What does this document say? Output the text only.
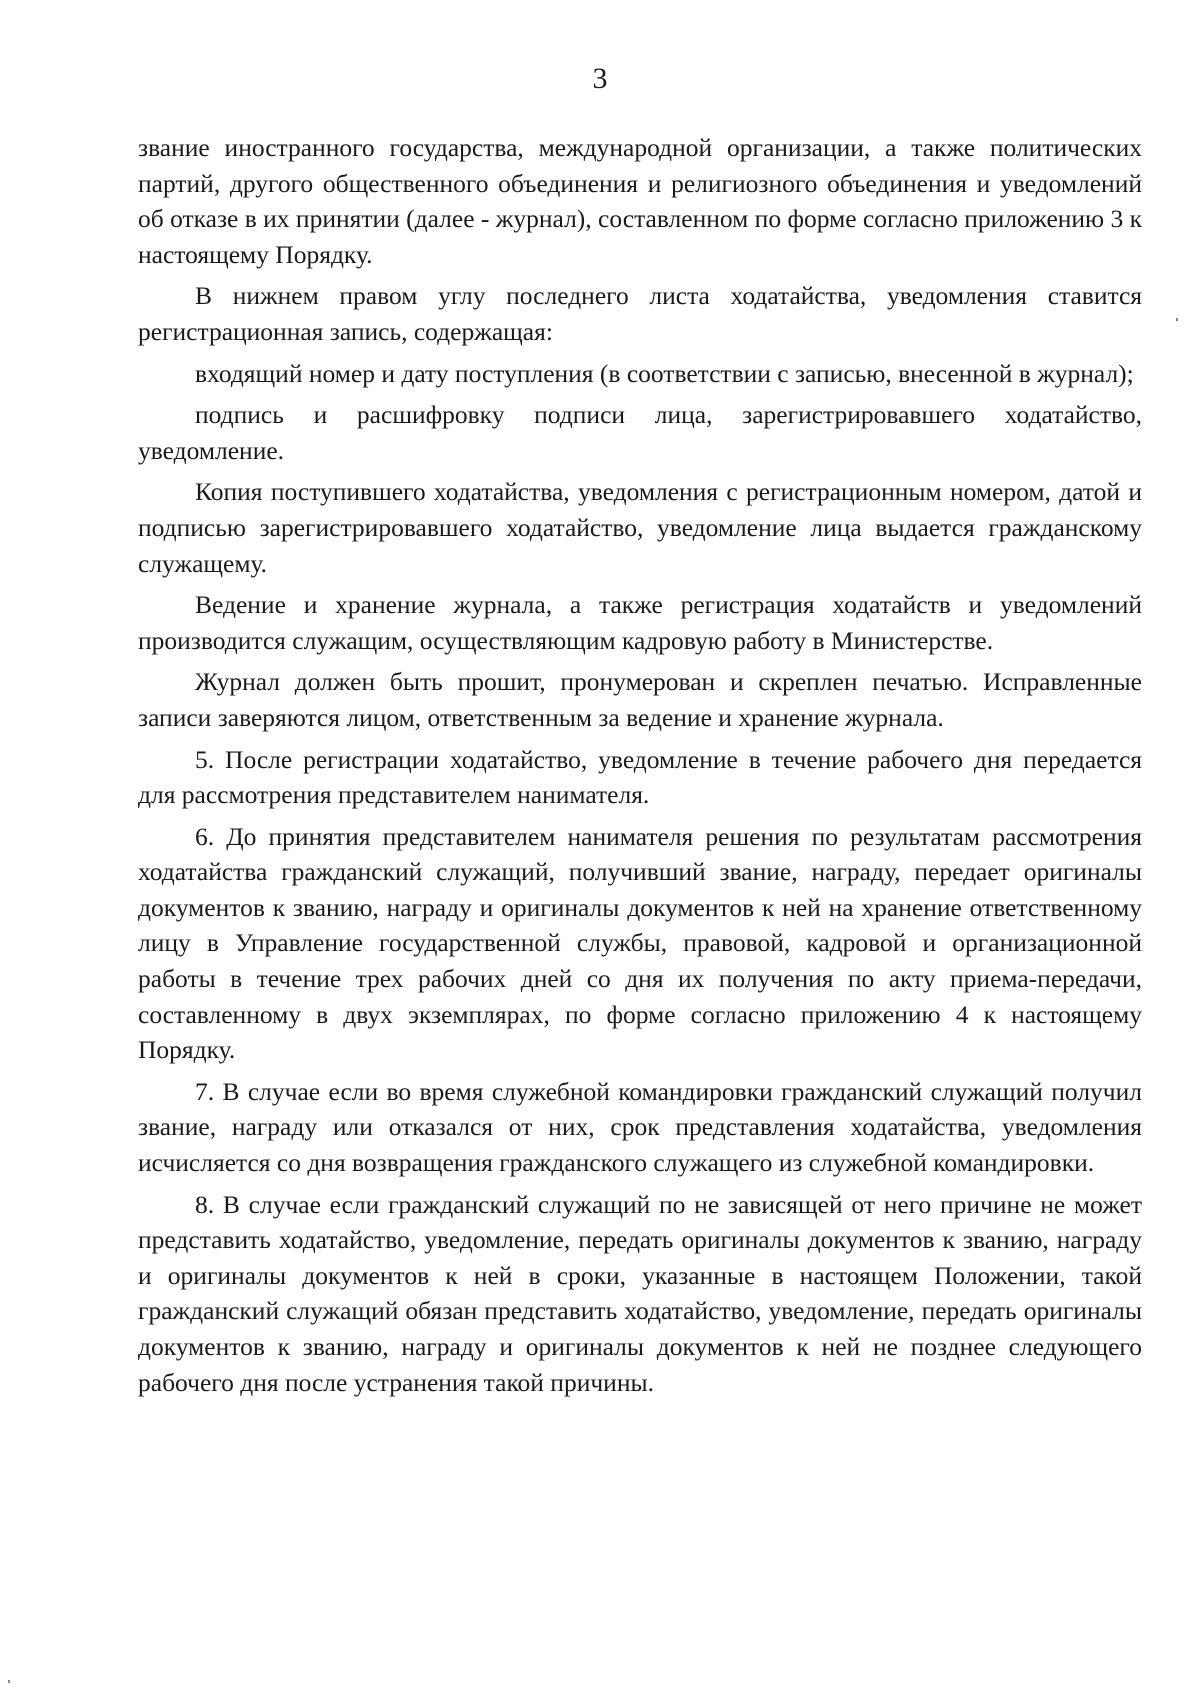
3

звание иностранного государства, международной организации, а также политических партий, другого общественного объединения и религиозного объединения и уведомлений об отказе в их принятии (далее - журнал), составленном по форме согласно приложению 3 к настоящему Порядку.

В нижнем правом углу последнего листа ходатайства, уведомления ставится регистрационная запись, содержащая:

входящий номер и дату поступления (в соответствии с записью, внесенной в журнал);

подпись и расшифровку подписи лица, зарегистрировавшего ходатайство, уведомление.

Копия поступившего ходатайства, уведомления с регистрационным номером, датой и подписью зарегистрировавшего ходатайство, уведомление лица выдается гражданскому служащему.

Ведение и хранение журнала, а также регистрация ходатайств и уведомлений производится служащим, осуществляющим кадровую работу в Министерстве.

Журнал должен быть прошит, пронумерован и скреплен печатью. Исправленные записи заверяются лицом, ответственным за ведение и хранение журнала.

5. После регистрации ходатайство, уведомление в течение рабочего дня передается для рассмотрения представителем нанимателя.

6. До принятия представителем нанимателя решения по результатам рассмотрения ходатайства гражданский служащий, получивший звание, награду, передает оригиналы документов к званию, награду и оригиналы документов к ней на хранение ответственному лицу в Управление государственной службы, правовой, кадровой и организационной работы в течение трех рабочих дней со дня их получения по акту приема-передачи, составленному в двух экземплярах, по форме согласно приложению 4 к настоящему Порядку.

7. В случае если во время служебной командировки гражданский служащий получил звание, награду или отказался от них, срок представления ходатайства, уведомления исчисляется со дня возвращения гражданского служащего из служебной командировки.

8. В случае если гражданский служащий по не зависящей от него причине не может представить ходатайство, уведомление, передать оригиналы документов к званию, награду и оригиналы документов к ней в сроки, указанные в настоящем Положении, такой гражданский служащий обязан представить ходатайство, уведомление, передать оригиналы документов к званию, награду и оригиналы документов к ней не позднее следующего рабочего дня после устранения такой причины.
